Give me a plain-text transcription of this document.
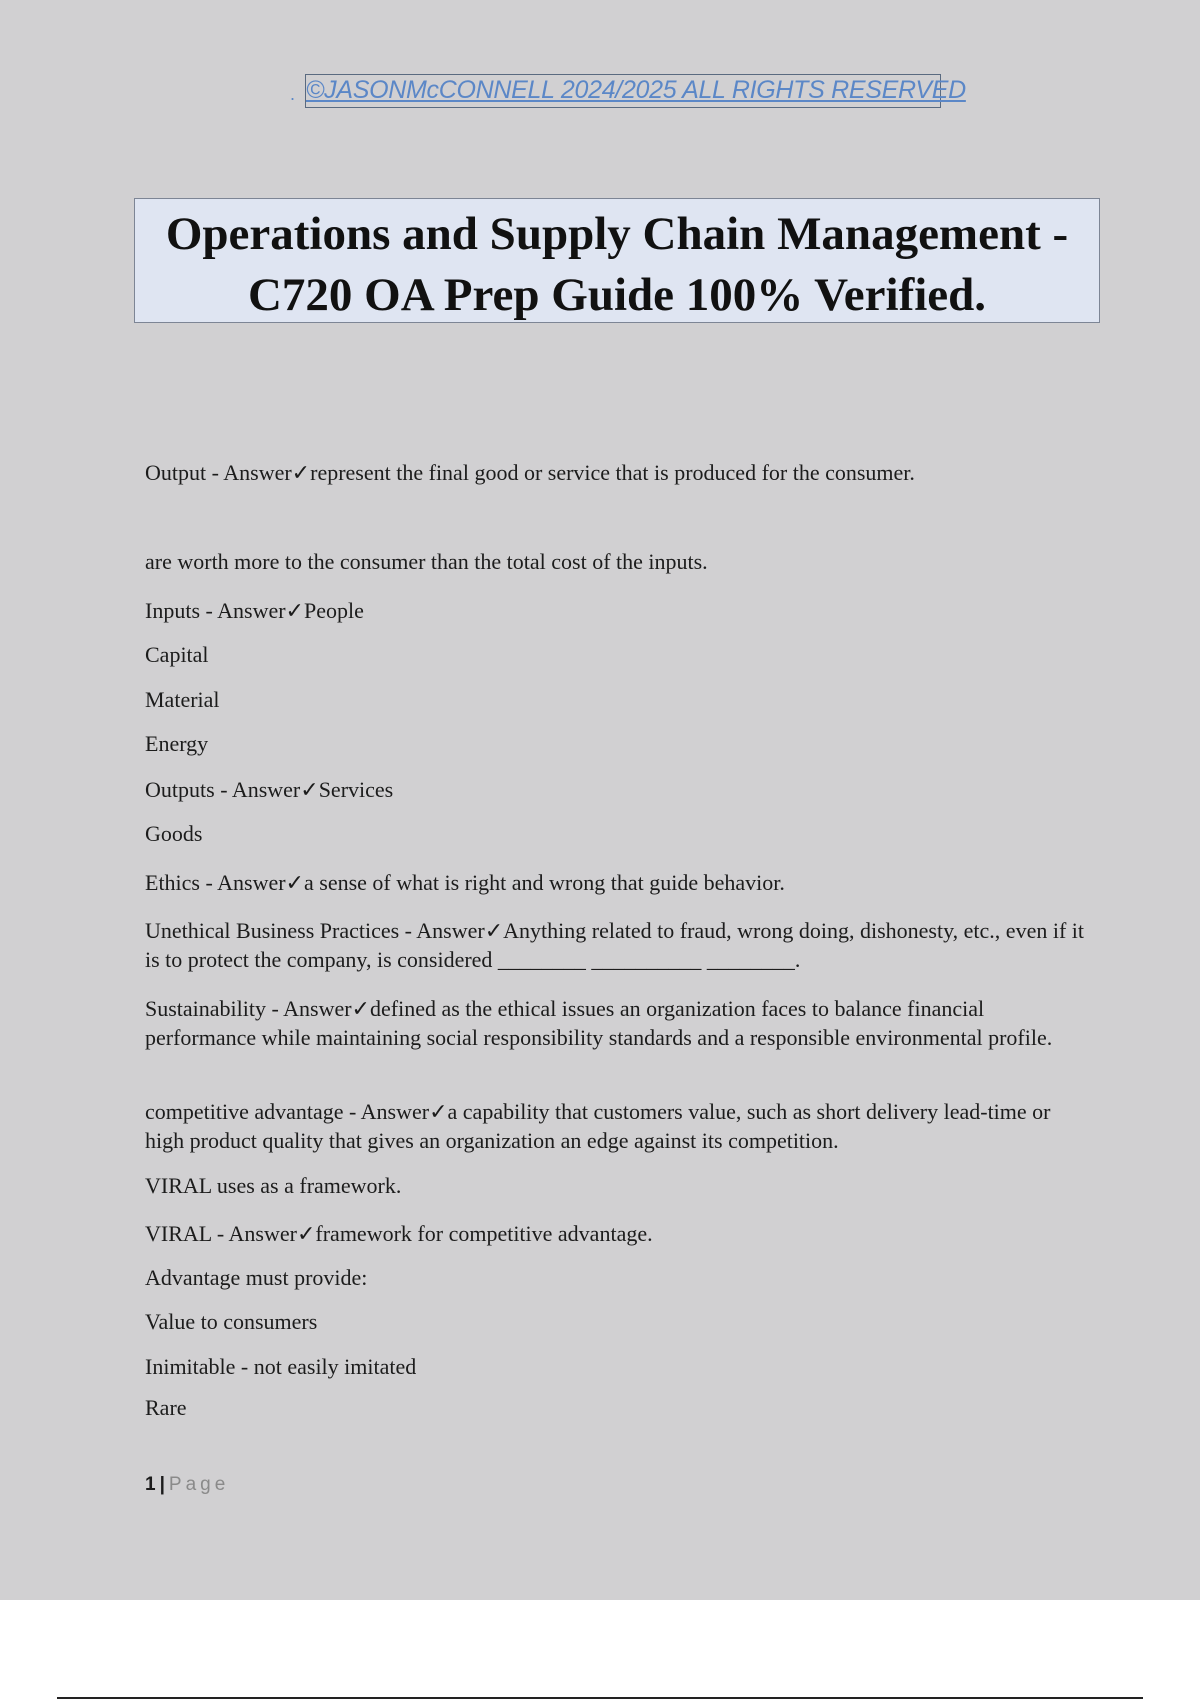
. ©JASONMcCONNELL 2024/2025 ALL RIGHTS RESERVED
Operations and Supply Chain Management -
C720 OA Prep Guide 100% Verified.
Output - Answer✓represent the final good or service that is produced for the consumer.
are worth more to the consumer than the total cost of the inputs.
Inputs - Answer✓People
Capital
Material
Energy
Outputs - Answer✓Services
Goods
Ethics - Answer✓a sense of what is right and wrong that guide behavior.
Unethical Business Practices - Answer✓Anything related to fraud, wrong doing, dishonesty, etc., even if it is to protect the company, is considered ________ __________ ________.
Sustainability - Answer✓defined as the ethical issues an organization faces to balance financial performance while maintaining social responsibility standards and a responsible environmental profile.
competitive advantage - Answer✓a capability that customers value, such as short delivery lead-time or high product quality that gives an organization an edge against its competition.
VIRAL uses as a framework.
VIRAL - Answer✓framework for competitive advantage.
Advantage must provide:
Value to consumers
Inimitable - not easily imitated
Rare
1 | Page
